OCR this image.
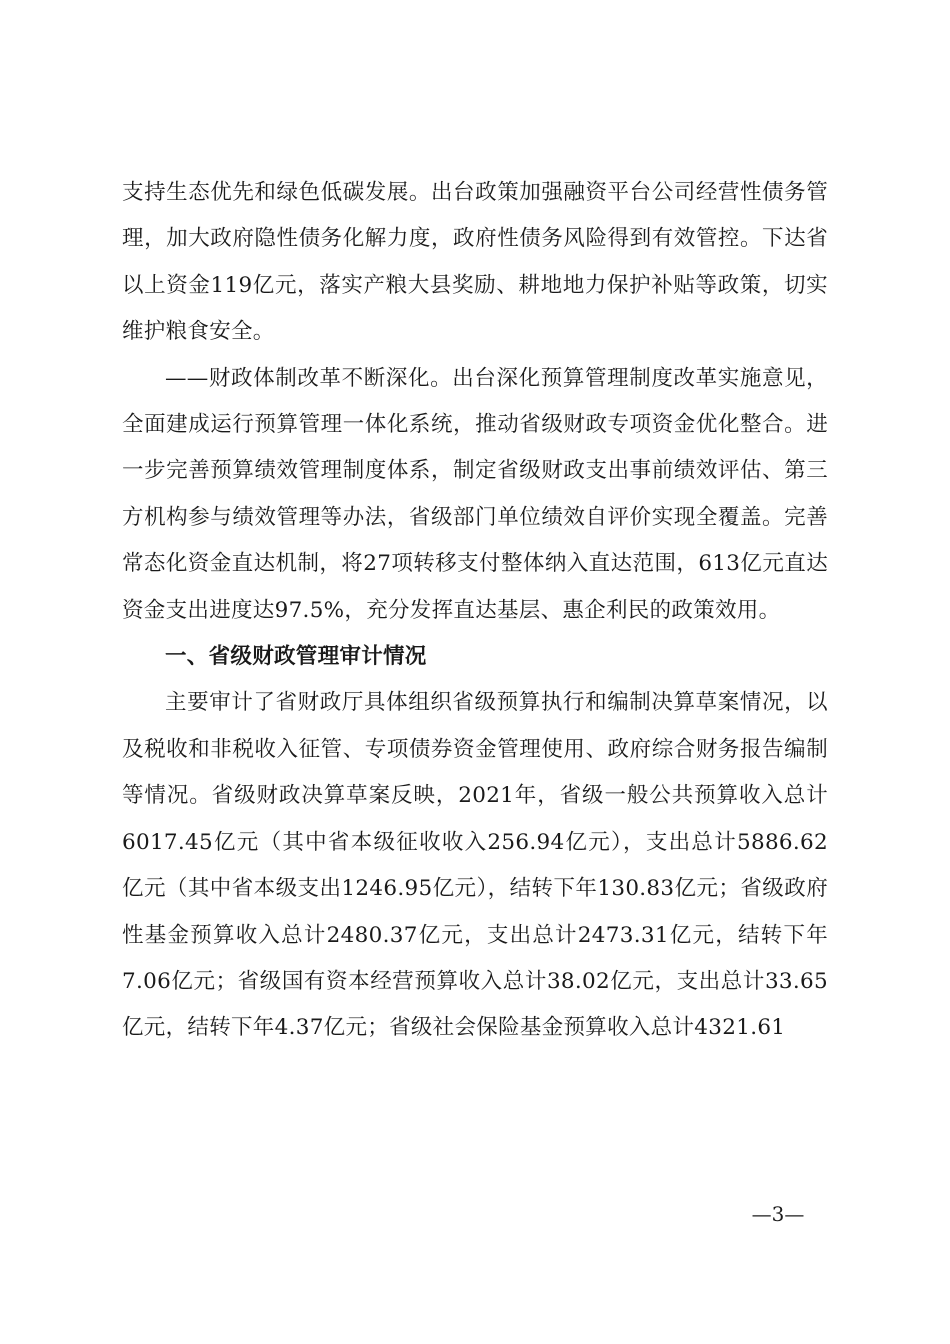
支持生态优先和绿色低碳发展。出台政策加强融资平台公司经营性债务管理，加大政府隐性债务化解力度，政府性债务风险得到有效管控。下达省以上资金119亿元，落实产粮大县奖励、耕地地力保护补贴等政策，切实维护粮食安全。

——财政体制改革不断深化。出台深化预算管理制度改革实施意见，全面建成运行预算管理一体化系统，推动省级财政专项资金优化整合。进一步完善预算绩效管理制度体系，制定省级财政支出事前绩效评估、第三方机构参与绩效管理等办法，省级部门单位绩效自评价实现全覆盖。完善常态化资金直达机制，将27项转移支付整体纳入直达范围，613亿元直达资金支出进度达97.5%，充分发挥直达基层、惠企利民的政策效用。

一、省级财政管理审计情况

主要审计了省财政厅具体组织省级预算执行和编制决算草案情况，以及税收和非税收入征管、专项债券资金管理使用、政府综合财务报告编制等情况。省级财政决算草案反映，2021年，省级一般公共预算收入总计6017.45亿元（其中省本级征收收入256.94亿元），支出总计5886.62亿元（其中省本级支出1246.95亿元），结转下年130.83亿元；省级政府性基金预算收入总计2480.37亿元，支出总计2473.31亿元，结转下年7.06亿元；省级国有资本经营预算收入总计38.02亿元，支出总计33.65亿元，结转下年4.37亿元；省级社会保险基金预算收入总计4321.61

—3—
